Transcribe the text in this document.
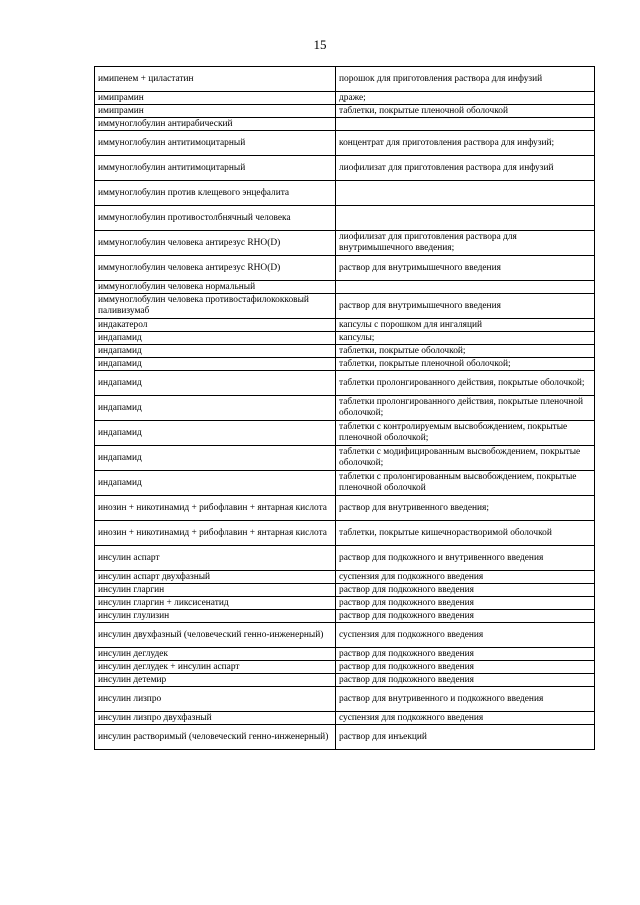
15
имипенем + циластатин	порошок для приготовления раствора для инфузий
имипрамин	драже;
имипрамин	таблетки, покрытые пленочной оболочкой
иммуноглобулин антирабический	
иммуноглобулин антитимоцитарный	концентрат для приготовления раствора для инфузий;
иммуноглобулин антитимоцитарный	лиофилизат для приготовления раствора для инфузий
иммуноглобулин против клещевого энцефалита	
иммуноглобулин противостолбнячный человека	
иммуноглобулин человека антирезус RHO(D)	лиофилизат для приготовления раствора для внутримышечного введения;
иммуноглобулин человека антирезус RHO(D)	раствор для внутримышечного введения
иммуноглобулин человека нормальный	
иммуноглобулин человека противостафилококковый паливизумаб	раствор для внутримышечного введения
индакатерол	капсулы с порошком для ингаляций
индапамид	капсулы;
индапамид	таблетки, покрытые оболочкой;
индапамид	таблетки, покрытые пленочной оболочкой;
индапамид	таблетки пролонгированного действия, покрытые оболочкой;
индапамид	таблетки пролонгированного действия, покрытые пленочной оболочкой;
индапамид	таблетки с контролируемым высвобождением, покрытые пленочной оболочкой;
индапамид	таблетки с модифицированным высвобождением, покрытые оболочкой;
индапамид	таблетки с пролонгированным высвобождением, покрытые пленочной оболочкой
инозин + никотинамид + рибофлавин + янтарная кислота	раствор для внутривенного введения;
инозин + никотинамид + рибофлавин + янтарная кислота	таблетки, покрытые кишечнорастворимой оболочкой
инсулин аспарт	раствор для подкожного и внутривенного введения
инсулин аспарт двухфазный	суспензия для подкожного введения
инсулин гларгин	раствор для подкожного введения
инсулин гларгин + ликсисенатид	раствор для подкожного введения
инсулин глулизин	раствор для подкожного введения
инсулин двухфазный (человеческий генно-инженерный)	суспензия для подкожного введения
инсулин деглудек	раствор для подкожного введения
инсулин деглудек + инсулин аспарт	раствор для подкожного введения
инсулин детемир	раствор для подкожного введения
инсулин лизпро	раствор для внутривенного и подкожного введения
инсулин лизпро двухфазный	суспензия для подкожного введения
инсулин растворимый (человеческий генно-инженерный)	раствор для инъекций
